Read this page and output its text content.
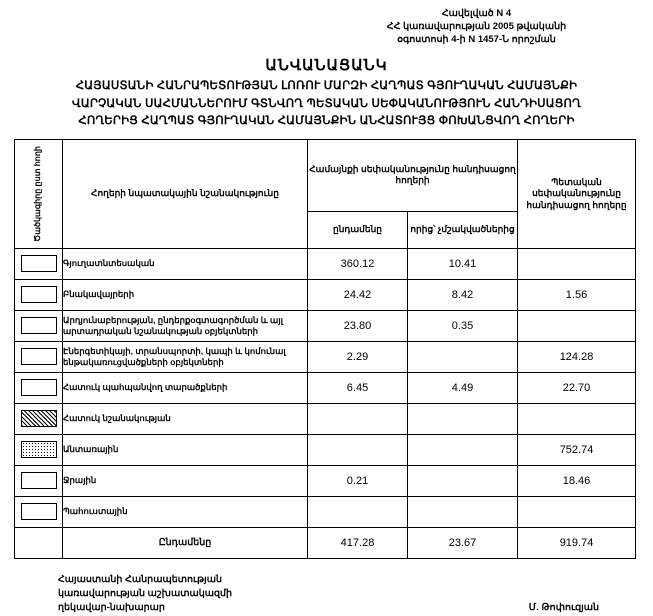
Հավելված N 4
ՀՀ կառավարության 2005 թվականի
օգոստոսի 4-ի N 1457-Ն որոշման
ԱՆՎԱՆԱՑԱՆԿ
ՀԱՅԱՍՏԱՆԻ ՀԱՆՐԱՊԵՏՈՒԹՅԱՆ ԼՈՌՈՒ ՄԱՐԶԻ ՀԱՂՊԱՏ ԳՅՈՒՂԱԿԱՆ ՀԱՄԱՅՆՔԻ
ՎԱՐՉԱԿԱՆ ՍԱՀՄԱՆՆԵՐՈՒՄ ԳՏՆՎՈՂ ՊԵՏԱԿԱՆ ՍԵՓԱԿԱՆՈՒԹՅՈՒՆ ՀԱՆԴԻՍԱՑՈՂ
ՀՈՂԵՐԻՑ ՀԱՂՊԱՏ ԳՅՈՒՂԱԿԱՆ ՀԱՄԱՅՆՔԻՆ ԱՆՀԱՏՈՒՅՑ ՓՈԽԱՆՑՎՈՂ ՀՈՂԵՐԻ
Ծածկագիրը ըստ հողի	Հողերի նպատակային նշանակությունը	Համայնքի սեփականությունը հանդիսացող հողերի		Պետական սեփականությունը հանդիսացող հողերը
		ընդամենը	որից՝ չմշակվածներից	

	Գյուղատնտեսական	360.12	10.41	

	Բնակավայրերի	24.42	8.42	1.56

	Արդյունաբերության, ընդերքօգտագործման և այլ արտադրական նշանակության օբյեկտների	23.80	0.35	

	Էներգետիկայի, տրանսպորտի, կապի և կոմունալ ենթակառուցվածքների օբյեկտների	2.29		124.28

	Հատուկ պահպանվող տարածքների	6.45	4.49	22.70

	Հատուկ նշանակության			

	Անտառային			752.74

	Ջրային	0.21		18.46

	Պահուստային			
	Ընդամենը	417.28	23.67	919.74
Հայաստանի Հանրապետության
կառավարության աշխատակազմի
ղեկավար-նախարար	Մ. Թոփուզյան
